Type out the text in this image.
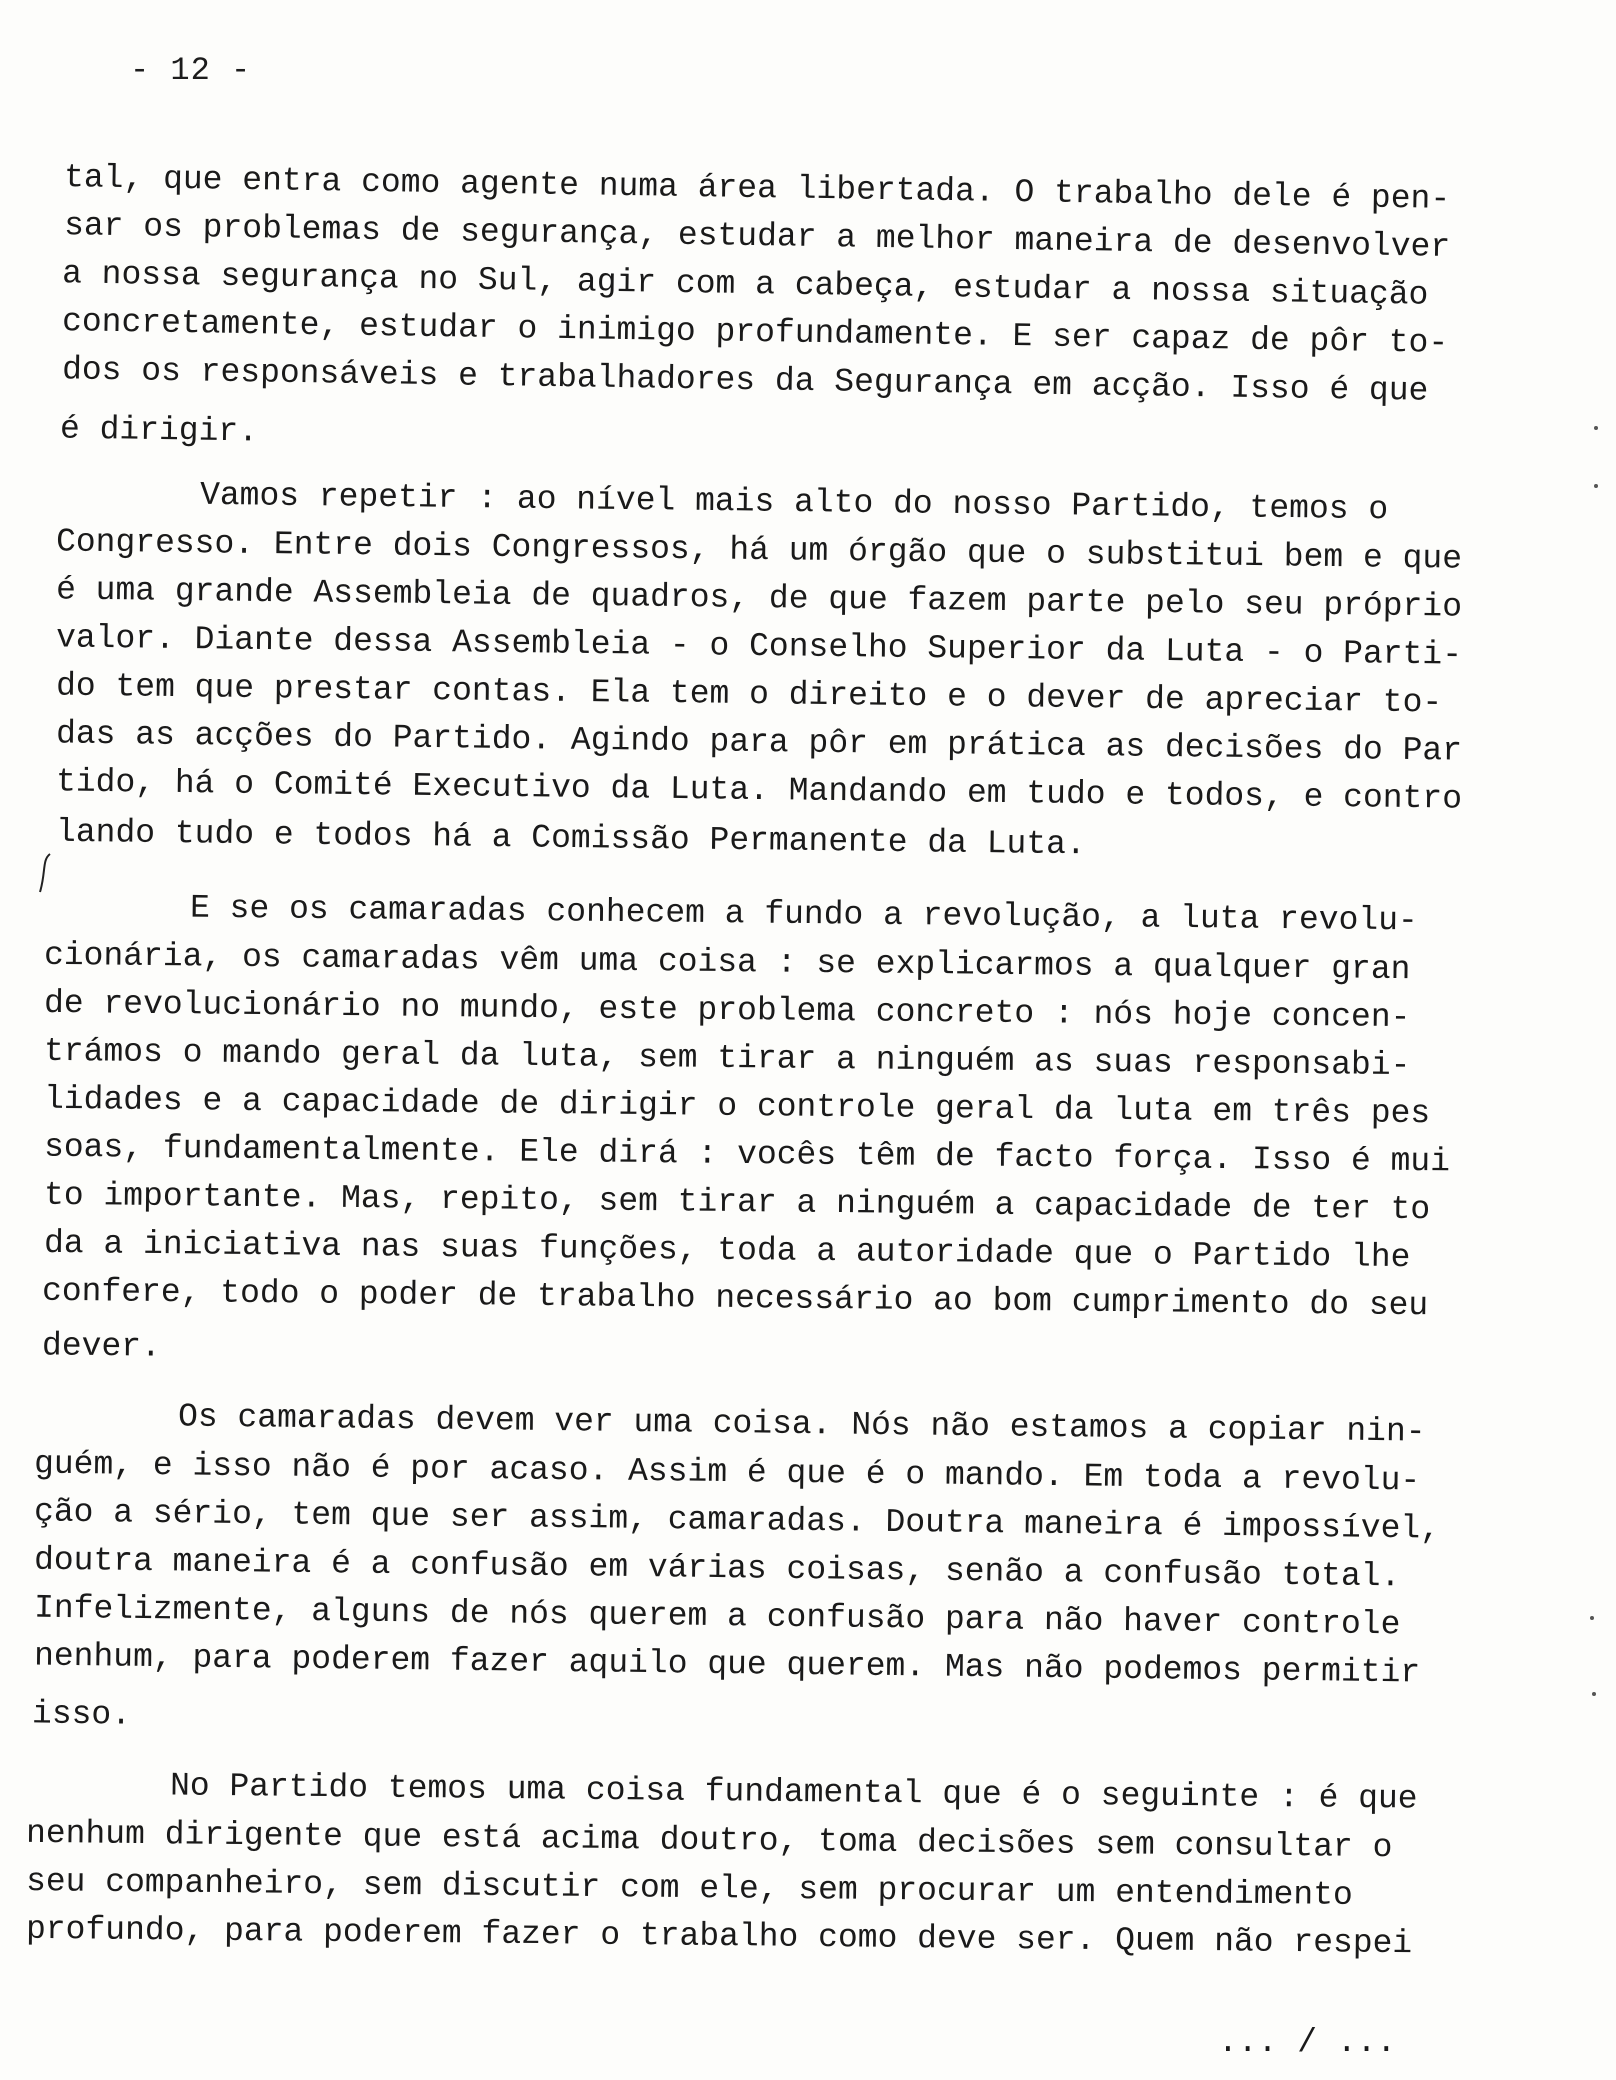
- 12 -
tal, que entra como agente numa área libertada. O trabalho dele é pen-
sar os problemas de segurança, estudar a melhor maneira de desenvolver
a nossa segurança no Sul, agir com a cabeça, estudar a nossa situação
concretamente, estudar o inimigo profundamente. E ser capaz de pôr to-
dos os responsáveis e trabalhadores da Segurança em acção. Isso é que
é dirigir.
Vamos repetir : ao nível mais alto do nosso Partido, temos o
Congresso. Entre dois Congressos, há um órgão que o substitui bem e que
é uma grande Assembleia de quadros, de que fazem parte pelo seu próprio
valor. Diante dessa Assembleia - o Conselho Superior da Luta - o Parti-
do tem que prestar contas. Ela tem o direito e o dever de apreciar to-
das as acções do Partido. Agindo para pôr em prática as decisões do Par
tido, há o Comité Executivo da Luta. Mandando em tudo e todos, e contro
lando tudo e todos há a Comissão Permanente da Luta.
E se os camaradas conhecem a fundo a revolução, a luta revolu-
cionária, os camaradas vêm uma coisa : se explicarmos a qualquer gran
de revolucionário no mundo, este problema concreto : nós hoje concen-
trámos o mando geral da luta, sem tirar a ninguém as suas responsabi-
lidades e a capacidade de dirigir o controle geral da luta em três pes
soas, fundamentalmente. Ele dirá : vocês têm de facto força. Isso é mui
to importante. Mas, repito, sem tirar a ninguém a capacidade de ter to
da a iniciativa nas suas funções, toda a autoridade que o Partido lhe
confere, todo o poder de trabalho necessário ao bom cumprimento do seu
dever.
Os camaradas devem ver uma coisa. Nós não estamos a copiar nin-
guém, e isso não é por acaso. Assim é que é o mando. Em toda a revolu-
ção a sério, tem que ser assim, camaradas. Doutra maneira é impossível,
doutra maneira é a confusão em várias coisas, senão a confusão total.
Infelizmente, alguns de nós querem a confusão para não haver controle
nenhum, para poderem fazer aquilo que querem. Mas não podemos permitir
isso.
No Partido temos uma coisa fundamental que é o seguinte : é que
nenhum dirigente que está acima doutro, toma decisões sem consultar o
seu companheiro, sem discutir com ele, sem procurar um entendimento
profundo, para poderem fazer o trabalho como deve ser. Quem não respei
... / ...
